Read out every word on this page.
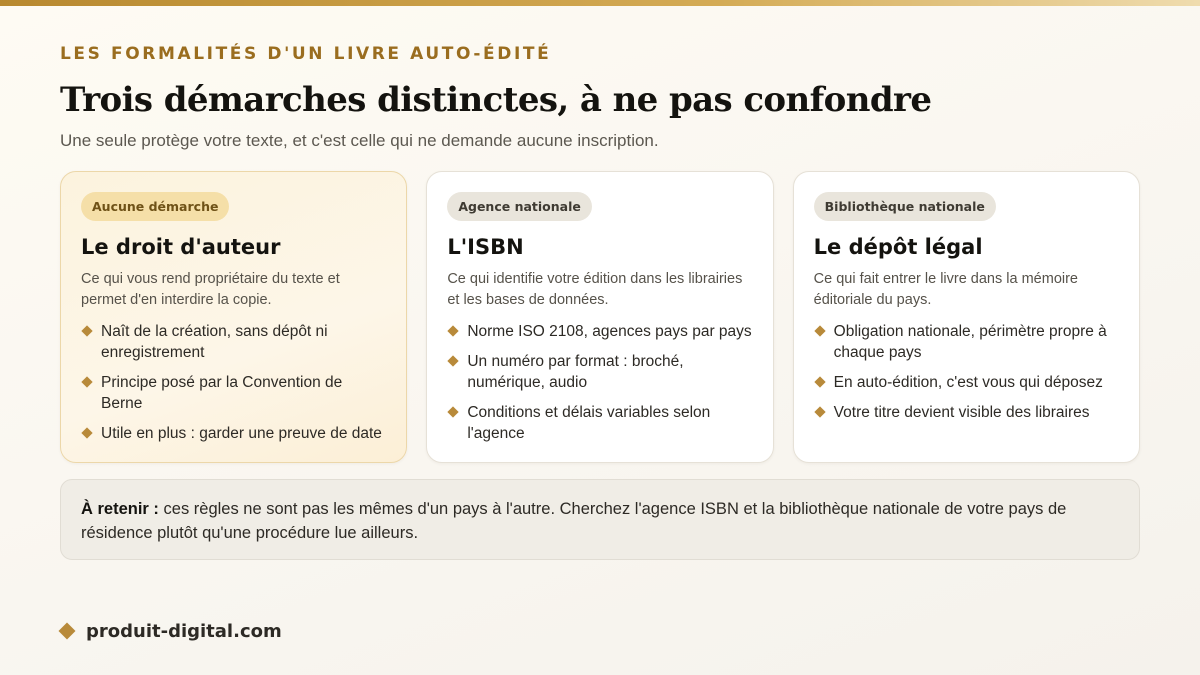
LES FORMALITÉS D'UN LIVRE AUTO-ÉDITÉ
Trois démarches distinctes, à ne pas confondre

Une seule protège votre texte, et c'est celle qui ne demande aucune inscription.

Aucune démarche
Le droit d'auteur

Ce qui vous rend propriétaire du texte et permet d'en interdire la copie.

Naît de la création, sans dépôt ni enregistrement
Principe posé par la Convention de Berne
Utile en plus : garder une preuve de date
Agence nationale
L'ISBN

Ce qui identifie votre édition dans les librairies et les bases de données.

Norme ISO 2108, agences pays par pays
Un numéro par format : broché, numérique, audio
Conditions et délais variables selon l'agence
Bibliothèque nationale
Le dépôt légal

Ce qui fait entrer le livre dans la mémoire éditoriale du pays.

Obligation nationale, périmètre propre à chaque pays
En auto-édition, c'est vous qui déposez
Votre titre devient visible des libraires
À retenir : ces règles ne sont pas les mêmes d'un pays à l'autre. Cherchez l'agence ISBN et la bibliothèque nationale de votre pays de résidence plutôt qu'une procédure lue ailleurs.
produit-digital.com
